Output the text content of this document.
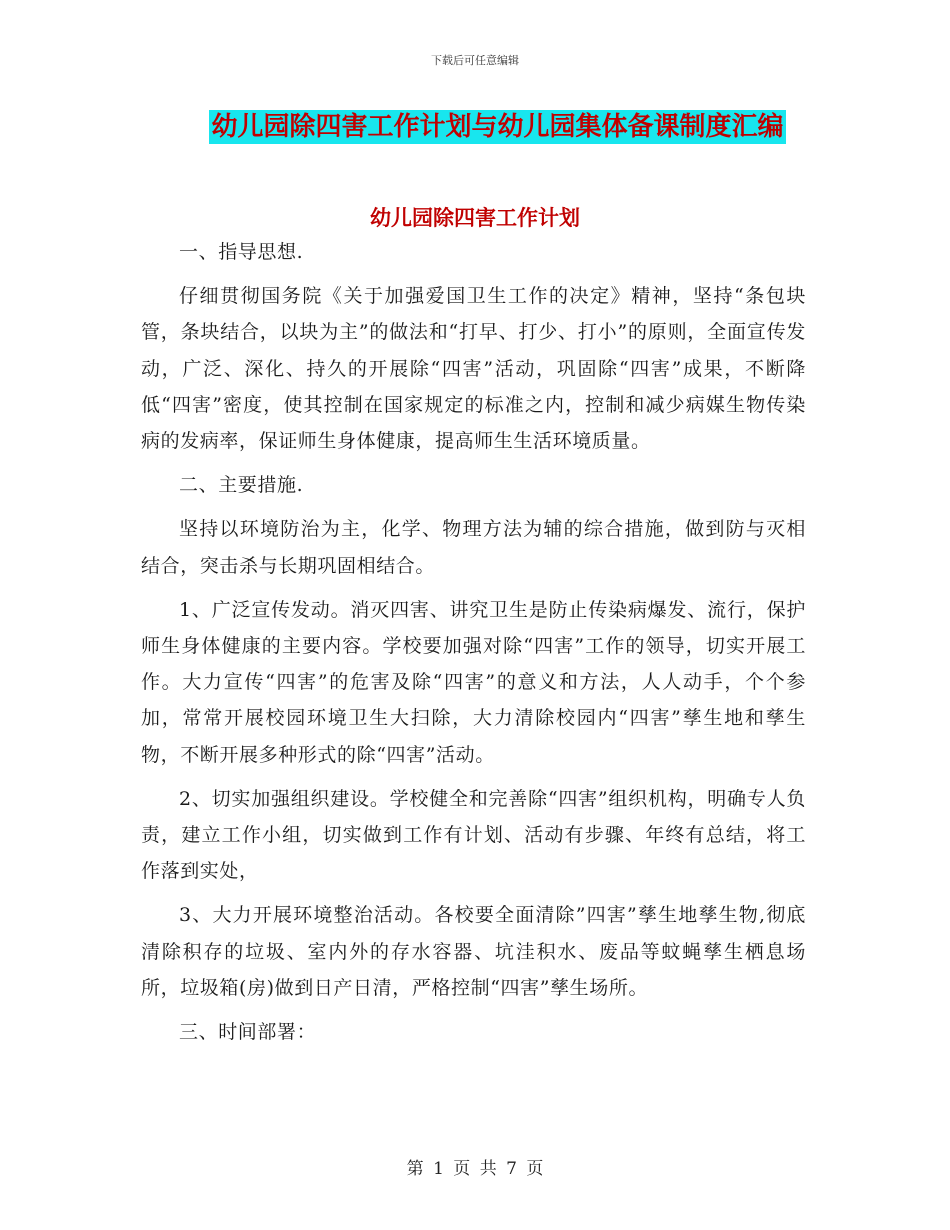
下载后可任意编辑
幼儿园除四害工作计划与幼儿园集体备课制度汇编
幼儿园除四害工作计划

一、指导思想.

仔细贯彻国务院《关于加强爱国卫生工作的决定》精神，坚持“条包块管，条块结合，以块为主”的做法和“打早、打少、打小”的原则，全面宣传发动，广泛、深化、持久的开展除“四害”活动，巩固除“四害”成果，不断降低“四害”密度，使其控制在国家规定的标准之内，控制和减少病媒生物传染病的发病率，保证师生身体健康，提高师生生活环境质量。

二、主要措施.

坚持以环境防治为主，化学、物理方法为辅的综合措施，做到防与灭相结合，突击杀与长期巩固相结合。

1、广泛宣传发动。消灭四害、讲究卫生是防止传染病爆发、流行，保护师生身体健康的主要内容。学校要加强对除“四害”工作的领导，切实开展工作。大力宣传“四害”的危害及除“四害”的意义和方法，人人动手，个个参加，常常开展校园环境卫生大扫除，大力清除校园内“四害”孳生地和孳生物，不断开展多种形式的除“四害”活动。

2、切实加强组织建设。学校健全和完善除“四害”组织机构，明确专人负责，建立工作小组，切实做到工作有计划、活动有步骤、年终有总结，将工作落到实处，

3、大力开展环境整治活动。各校要全面清除”四害”孳生地孳生物,彻底清除积存的垃圾、室内外的存水容器、坑洼积水、废品等蚊蝇孳生栖息场所，垃圾箱(房)做到日产日清，严格控制“四害”孳生场所。

三、时间部署：

第 1 页 共 7 页
